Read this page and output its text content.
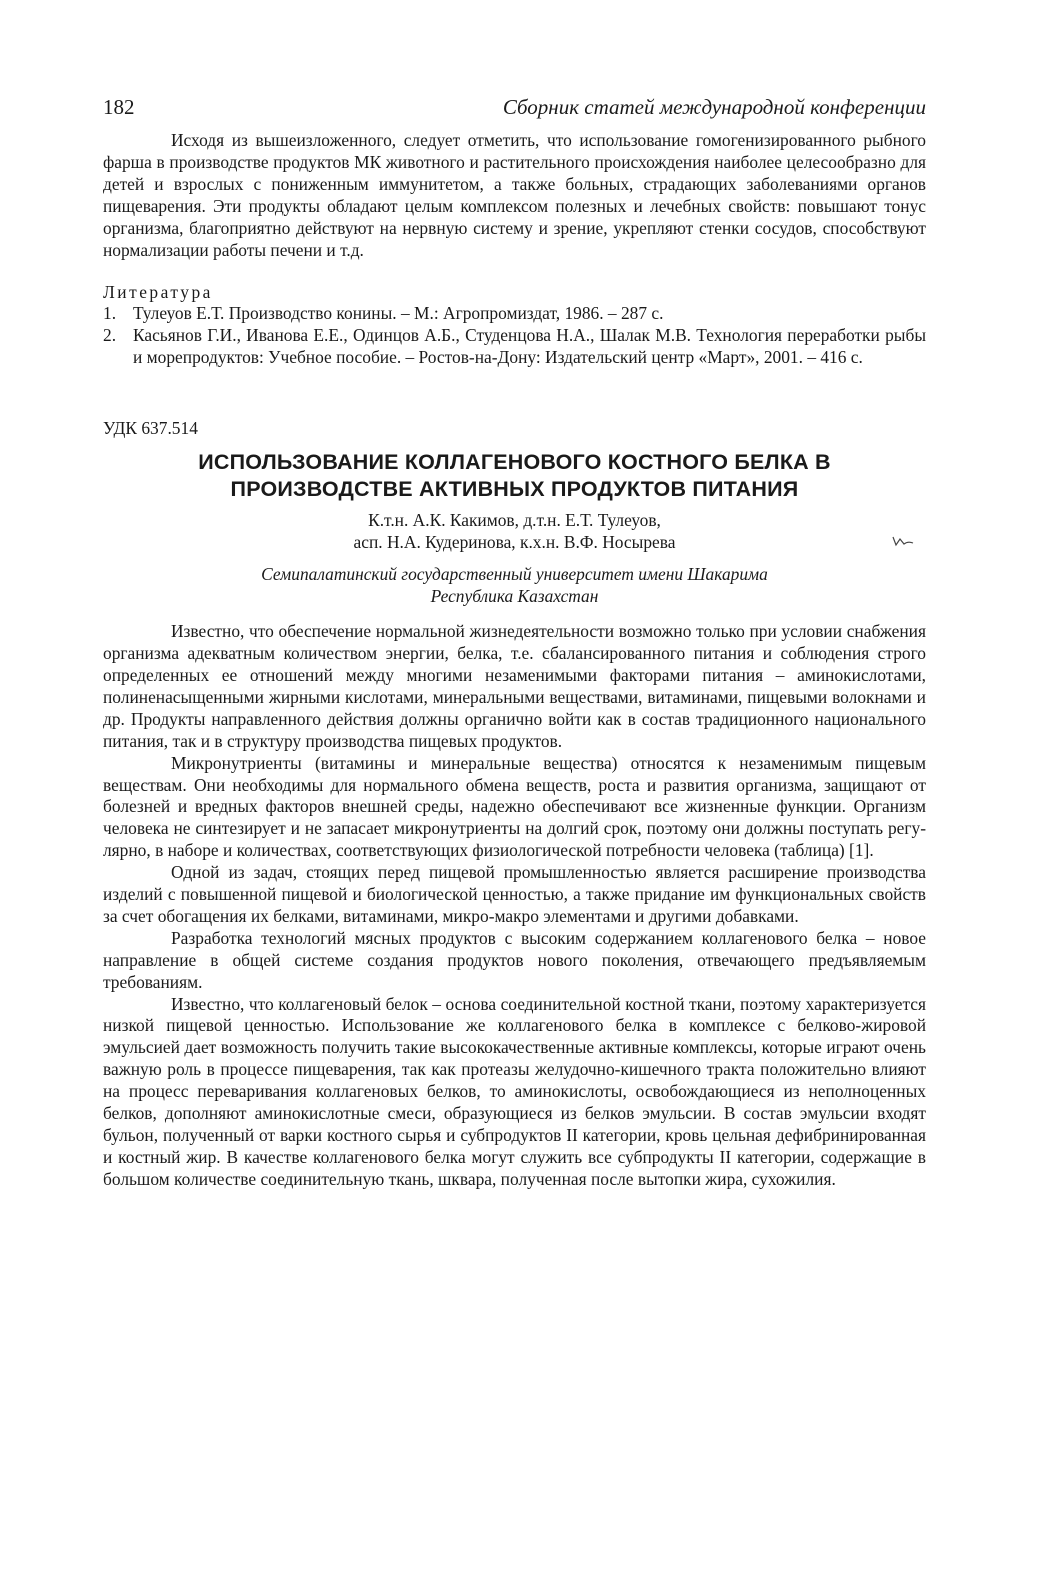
182	Сборник статей международной конференции

Исходя из вышеизложенного, следует отметить, что использование гомогенизированного рыбного фарша в производстве продуктов МК животного и растительного происхождения наиболее целесообразно для детей и взрослых с пониженным иммунитетом, а также больных, страдающих заболеваниями органов пищеварения. Эти продукты обладают целым комплексом полезных и лечебных свойств: повышают тонус организма, благоприятно действуют на нервную систему и зрение, укрепляют стенки сосудов, способствуют нормализации работы печени и т.д.

Литература
1. Тулеуов Е.Т. Производство конины. – М.: Агропромиздат, 1986. – 287 с.
2. Касьянов Г.И., Иванова Е.Е., Одинцов А.Б., Студенцова Н.А., Шалак М.В. Технология переработки рыбы и морепродуктов: Учебное пособие. – Ростов-на-Дону: Издательский центр «Март», 2001. – 416 с.
УДК 637.514
ИСПОЛЬЗОВАНИЕ КОЛЛАГЕНОВОГО КОСТНОГО БЕЛКА В
ПРОИЗВОДСТВЕ АКТИВНЫХ ПРОДУКТОВ ПИТАНИЯ
К.т.н. А.К. Какимов, д.т.н. Е.Т. Тулеуов,
асп. Н.А. Кудеринова, к.х.н. В.Ф. Носырева
Семипалатинский государственный университет имени Шакарима
Республика Казахстан

Известно, что обеспечение нормальной жизнедеятельности возможно только при условии снабжения организма адекватным количеством энергии, белка, т.е. сбалансированного питания и соблюдения строго определенных ее отношений между многими незаменимыми факторами питания – аминокислотами, полиненасыщенными жирными кислотами, минеральными веществами, витаминами, пищевыми волокнами и др. Продукты направленного действия должны органично войти как в состав традиционного национального питания, так и в структуру производства пищевых продуктов.

Микронутриенты (витамины и минеральные вещества) относятся к незаменимым пищевым веществам. Они необходимы для нормального обмена веществ, роста и развития организма, защищают от болезней и вредных факторов внешней среды, надежно обеспечивают все жизненные функции. Организм человека не синтезирует и не запасает микронутриенты на долгий срок, поэтому они должны поступать регулярно, в наборе и количествах, соответствующих физиологической потребности человека (таблица) [1].

Одной из задач, стоящих перед пищевой промышленностью является расширение производства изделий с повышенной пищевой и биологической ценностью, а также придание им функциональных свойств за счет обогащения их белками, витаминами, микро-макро элементами и другими добавками.

Разработка технологий мясных продуктов с высоким содержанием коллагенового белка – новое направление в общей системе создания продуктов нового поколения, отвечающего предъявляемым требованиям.

Известно, что коллагеновый белок – основа соединительной костной ткани, поэтому характеризуется низкой пищевой ценностью. Использование же коллагенового белка в комплексе с белково-жировой эмульсией дает возможность получить такие высококачественные активные комплексы, которые играют очень важную роль в процессе пищеварения, так как протеазы желудочно-кишечного тракта положительно влияют на процесс переваривания коллагеновых белков, то аминокислоты, освобождающиеся из неполноценных белков, дополняют аминокислотные смеси, образующиеся из белков эмульсии. В состав эмульсии входят бульон, полученный от варки костного сырья и субпродуктов II категории, кровь цельная дефибринированная и костный жир. В качестве коллагенового белка могут служить все субпродукты II категории, содержащие в большом количестве соединительную ткань, шквара, полученная после вытопки жира, сухожилия.
